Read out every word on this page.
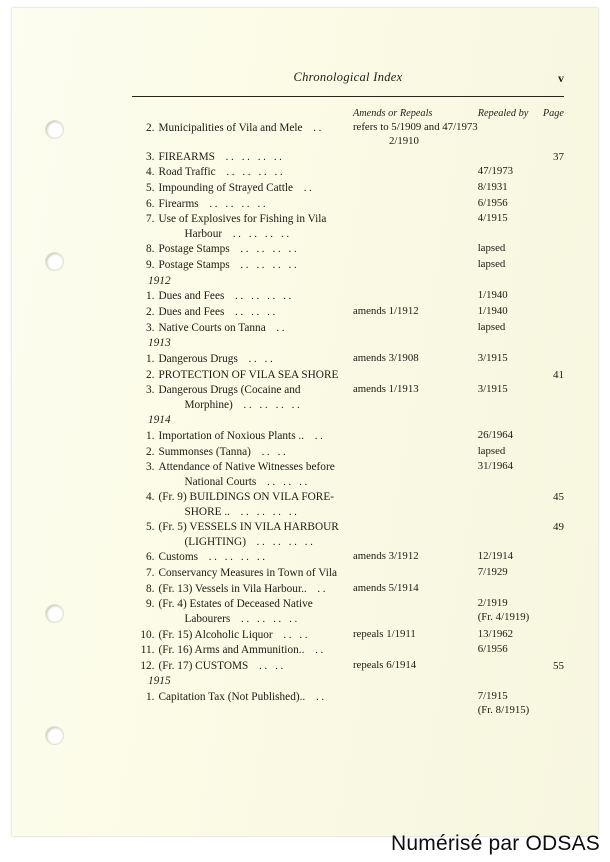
Chronological Index	v
		Amends or Repeals	Repealed by	Page
2.	Municipalities of Vila and Mele  ..	refers to 5/1909 and 47/1973
2/1910		

3.	FIREARMS  .. .. .. ..			37
4.	Road Traffic  .. .. .. ..		47/1973	
5.	Impounding of Strayed Cattle  ..		8/1931	
6.	Firearms  .. .. .. ..		6/1956	
7.	Use of Explosives for Fishing in Vila
Harbour  .. .. .. ..		4/1915	
8.	Postage Stamps  .. .. .. ..		lapsed	
9.	Postage Stamps  .. .. .. ..		lapsed	
1912				
1.	Dues and Fees  .. .. .. ..		1/1940	
2.	Dues and Fees  .. .. ..	amends 1/1912	1/1940	
3.	Native Courts on Tanna  ..		lapsed	
1913				
1.	Dangerous Drugs  .. ..	amends 3/1908	3/1915	
2.	PROTECTION OF VILA SEA SHORE			41
3.	Dangerous Drugs (Cocaine and
Morphine)  .. .. .. ..	amends 1/1913	3/1915	
1914				
1.	Importation of Noxious Plants ..  ..		26/1964	
2.	Summonses (Tanna)  .. ..		lapsed	
3.	Attendance of Native Witnesses before
National Courts  .. .. ..		31/1964	
4.	(Fr. 9) BUILDINGS ON VILA FORE-
SHORE ..  .. .. .. ..			45
5.	(Fr. 5) VESSELS IN VILA HARBOUR
(LIGHTING)  .. .. .. ..			49
6.	Customs  .. .. .. ..	amends 3/1912	12/1914	
7.	Conservancy Measures in Town of Vila		7/1929	
8.	(Fr. 13) Vessels in Vila Harbour..  ..	amends 5/1914		
9.	(Fr. 4) Estates of Deceased Native
Labourers  .. .. .. ..		2/1919
(Fr. 4/1919)	

10.	(Fr. 15) Alcoholic Liquor  .. ..	repeals 1/1911	13/1962	
11.	(Fr. 16) Arms and Ammunition..  ..		6/1956	
12.	(Fr. 17) CUSTOMS  .. ..	repeals 6/1914		55
1915				
1.	Capitation Tax (Not Published)..  ..		7/1915
(Fr. 8/1915)	

Numérisé par ODSAS
